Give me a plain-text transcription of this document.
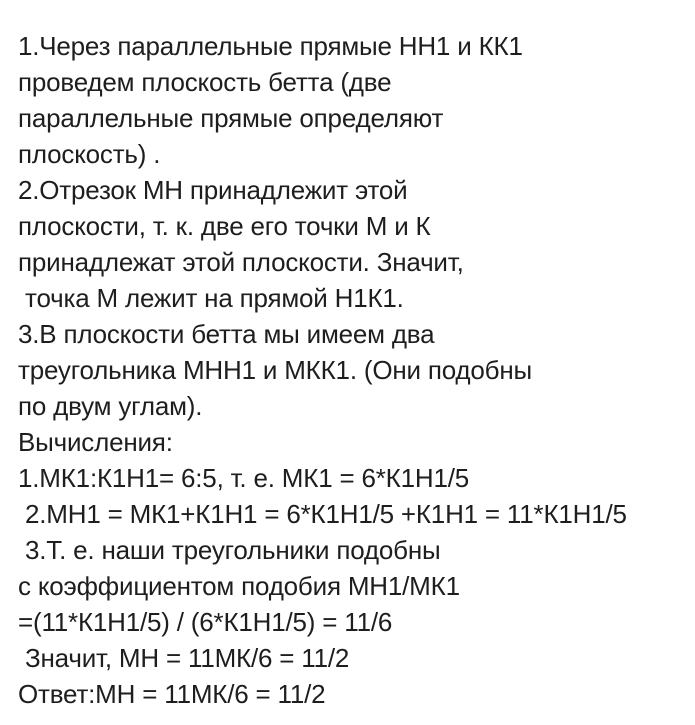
1.Через параллельные прямые НН1 и КК1
проведем плоскость бетта (две
параллельные прямые определяют
плоскость) .
2.Отрезок МН принадлежит этой
плоскости, т. к. две его точки М и К
принадлежат этой плоскости. Значит,
точка М лежит на прямой Н1К1.
3.В плоскости бетта мы имеем два
треугольника МНН1 и МКК1. (Они подобны
по двум углам).
Вычисления:
1.МК1:К1Н1= 6:5, т. е. МК1 = 6*К1Н1/5
2.МН1 = МК1+К1Н1 = 6*К1Н1/5 +К1Н1 = 11*К1Н1/5
3.Т. е. наши треугольники подобны
с коэффициентом подобия МН1/МК1
=(11*К1Н1/5) / (6*К1Н1/5) = 11/6
Значит, МН = 11МК/6 = 11/2
Ответ:МН = 11МК/6 = 11/2
